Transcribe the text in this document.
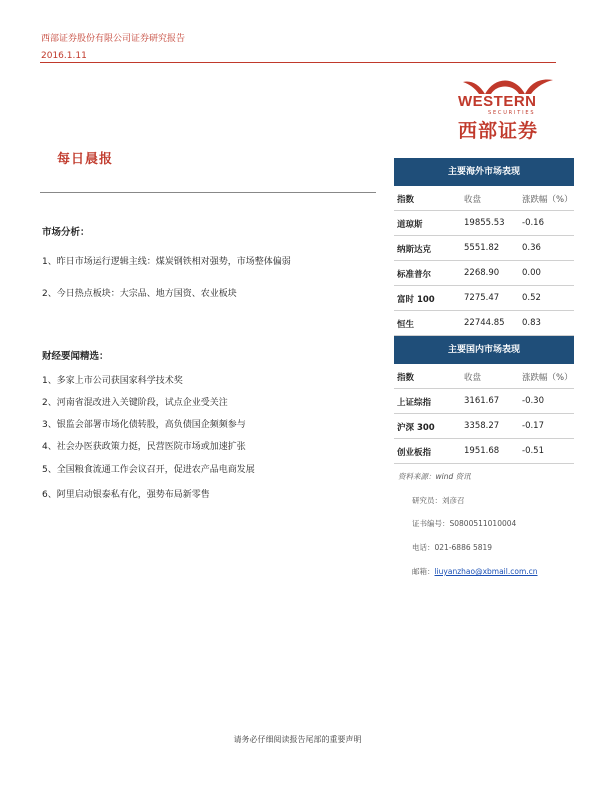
西部证券股份有限公司证券研究报告
2016.1.11
WESTERN
SECURITIES
西部证券
每日晨报
市场分析：
1、昨日市场运行逻辑主线：煤炭钢铁相对强势，市场整体偏弱
2、今日热点板块：大宗品、地方国资、农业板块
财经要闻精选：
1、多家上市公司获国家科学技术奖
2、河南省混改进入关键阶段，试点企业受关注
3、银监会部署市场化债转股，高负债国企频频参与
4、社会办医获政策力挺，民营医院市场或加速扩张
5、全国粮食流通工作会议召开，促进农产品电商发展
6、阿里启动银泰私有化，强势布局新零售
主要海外市场表现
指数	收盘	涨跌幅（%）
道琼斯	19855.53 -0.16
纳斯达克	5551.82	0.36
标准普尔	2268.90	0.00
富时 100	7275.47	0.52
恒生	22744.85 0.83
主要国内市场表现
指数	收盘	涨跌幅（%）
上证综指	3161.67	-0.30
沪深 300	3358.27	-0.17
创业板指	1951.68	-0.51
资料来源：wind 资讯
研究员：刘彦召
证书编号：S0800511010004
电话：021-6886 5819
邮箱：liuyanzhao@xbmail.com.cn
请务必仔细阅读报告尾部的重要声明
